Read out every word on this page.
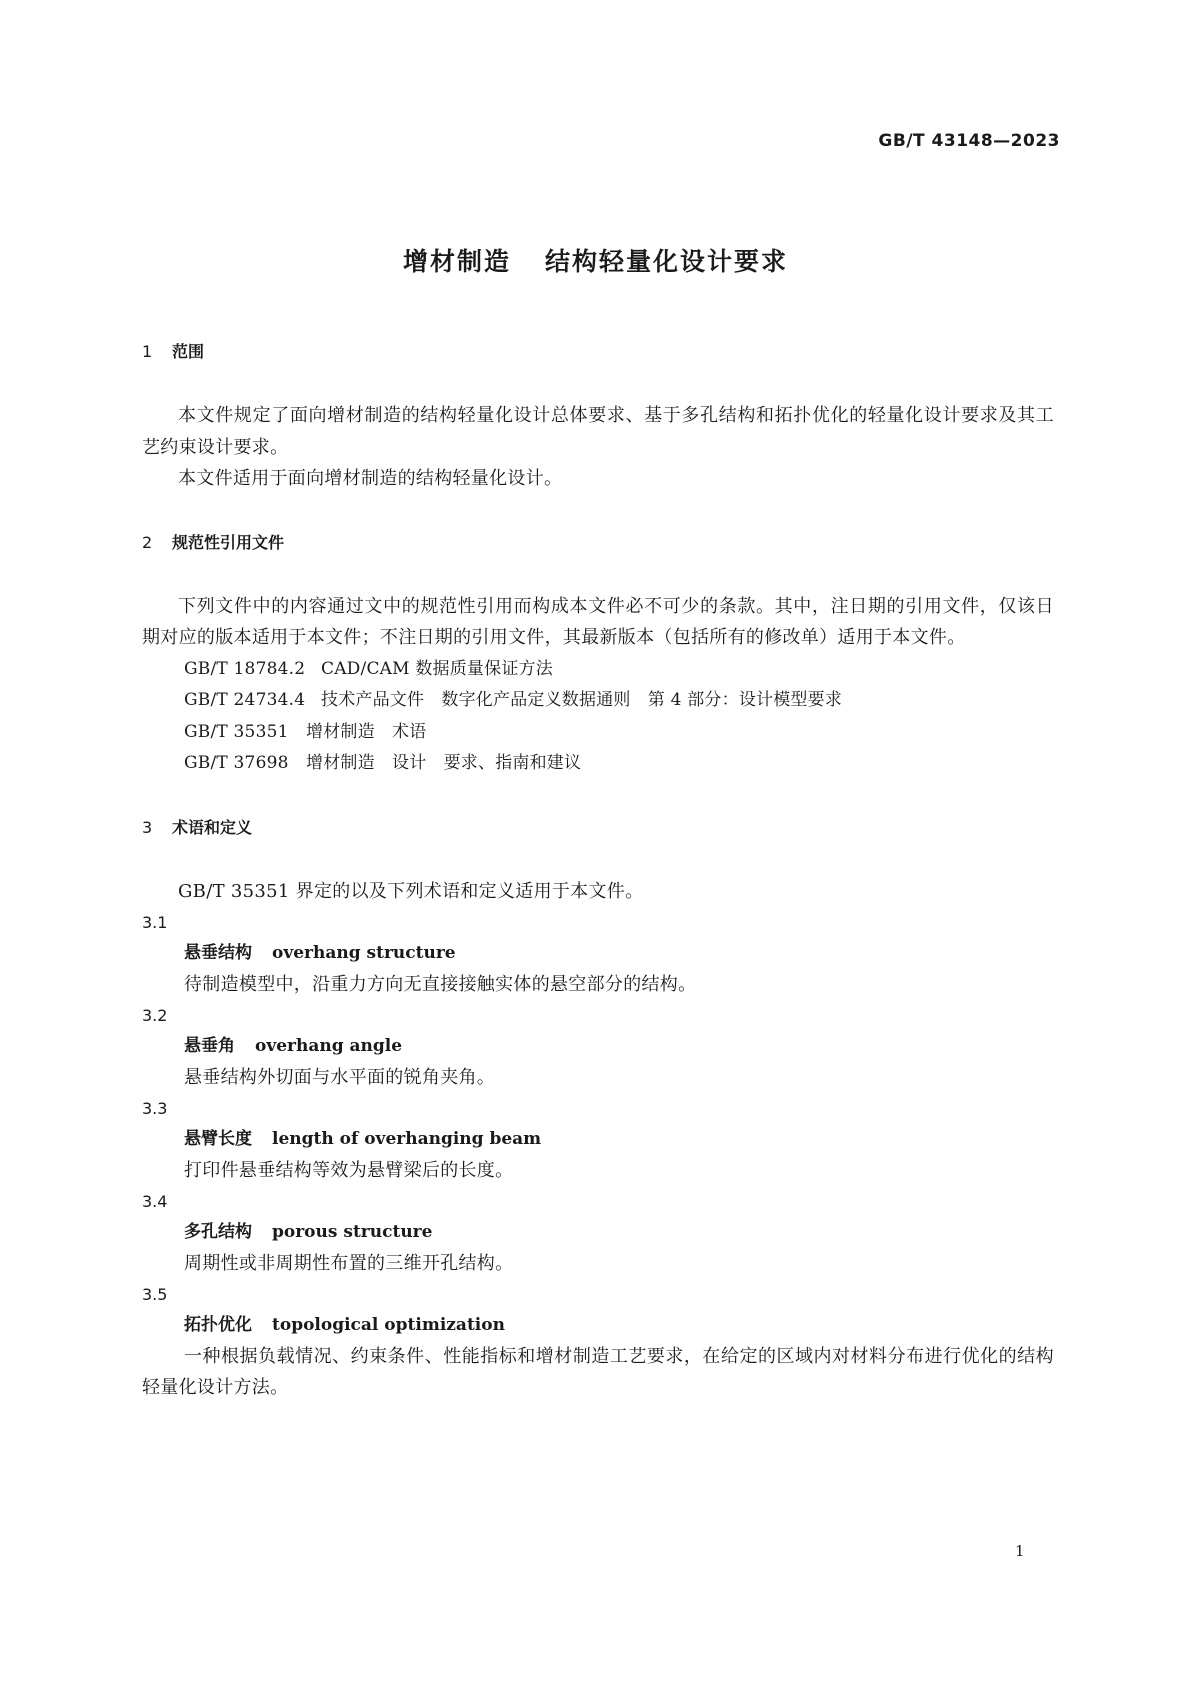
GB/T 43148—2023

增材制造 结构轻量化设计要求
1 范围

本文件规定了面向增材制造的结构轻量化设计总体要求、基于多孔结构和拓扑优化的轻量化设计要求及其工艺约束设计要求。

本文件适用于面向增材制造的结构轻量化设计。

2 规范性引用文件

下列文件中的内容通过文中的规范性引用而构成本文件必不可少的条款。其中，注日期的引用文件，仅该日期对应的版本适用于本文件；不注日期的引用文件，其最新版本（包括所有的修改单）适用于本文件。

GB/T 18784.2 CAD/CAM 数据质量保证方法

GB/T 24734.4 技术产品文件　数字化产品定义数据通则　第 4 部分：设计模型要求

GB/T 35351 增材制造　术语

GB/T 37698 增材制造　设计　要求、指南和建议

3 术语和定义

GB/T 35351 界定的以及下列术语和定义适用于本文件。

3.1

悬垂结构 overhang structure

待制造模型中，沿重力方向无直接接触实体的悬空部分的结构。

3.2

悬垂角 overhang angle

悬垂结构外切面与水平面的锐角夹角。

3.3

悬臂长度 length of overhanging beam

打印件悬垂结构等效为悬臂梁后的长度。

3.4

多孔结构 porous structure

周期性或非周期性布置的三维开孔结构。

3.5

拓扑优化 topological optimization

一种根据负载情况、约束条件、性能指标和增材制造工艺要求，在给定的区域内对材料分布进行优化的结构轻量化设计方法。

1
